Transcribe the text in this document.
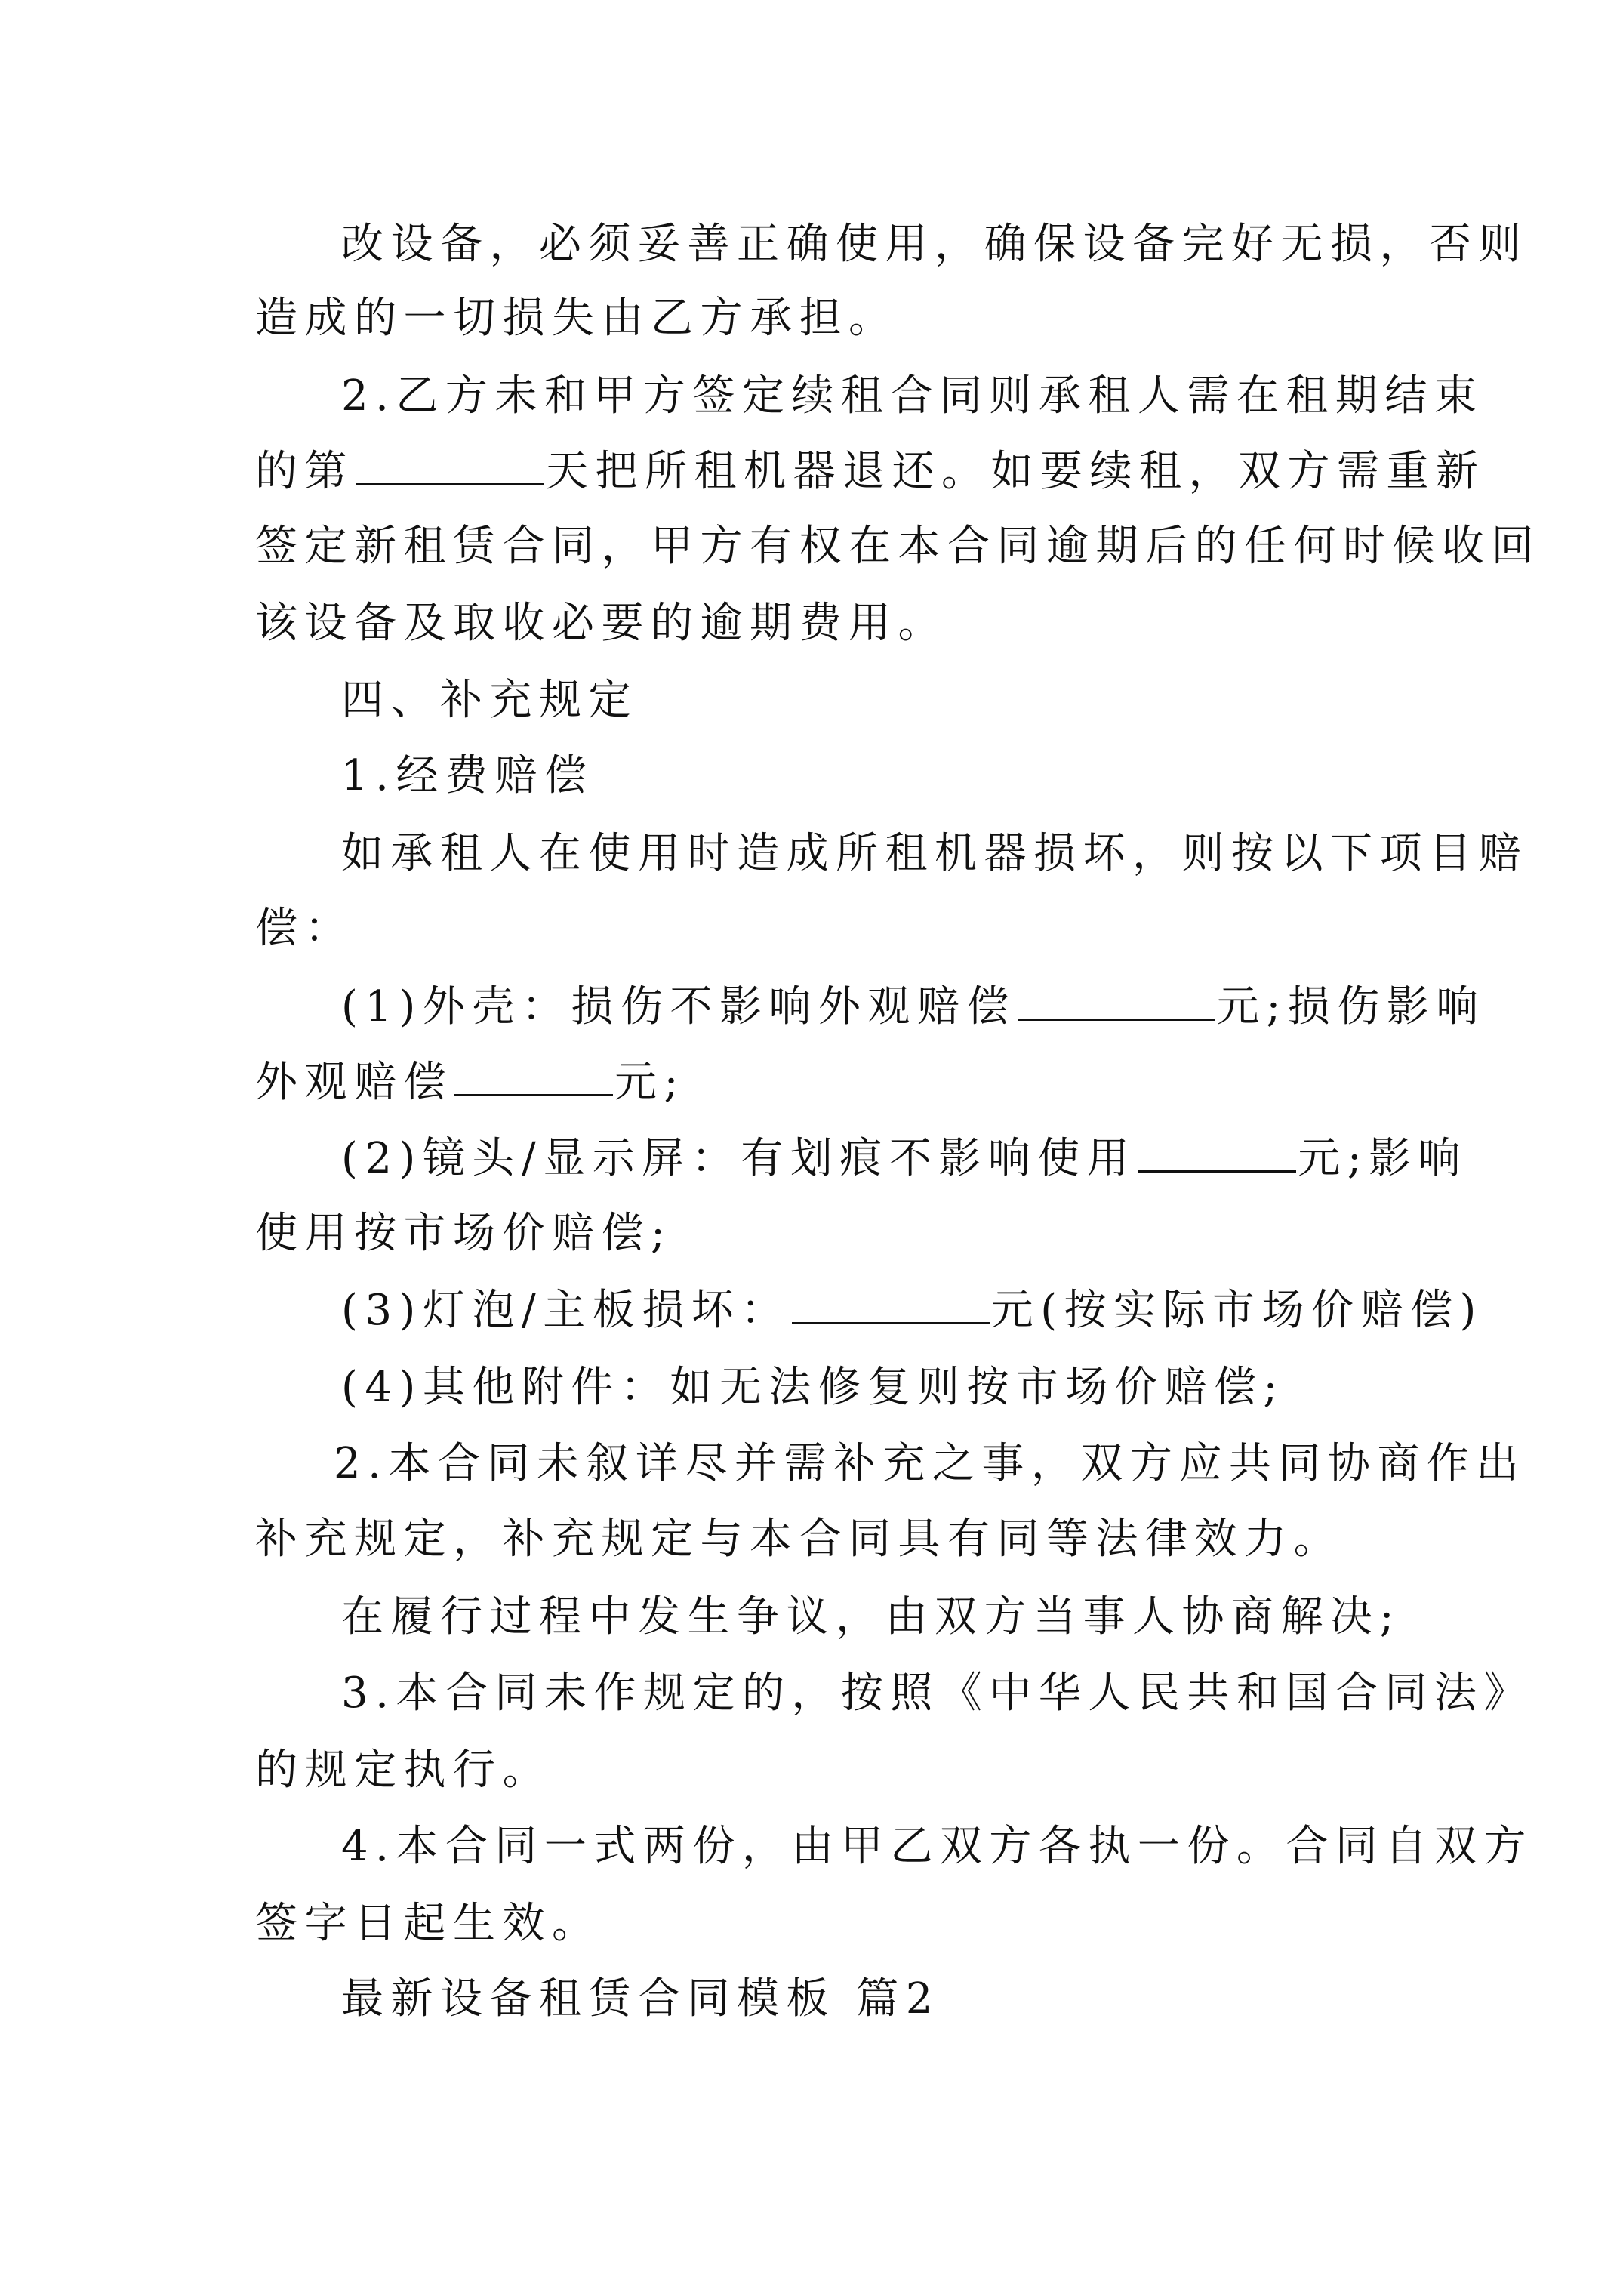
改设备，必须妥善正确使用，确保设备完好无损，否则
造成的一切损失由乙方承担。
2.乙方未和甲方签定续租合同则承租人需在租期结束
的第	天把所租机器退还。如要续租，双方需重新
签定新租赁合同，甲方有权在本合同逾期后的任何时候收回
该设备及取收必要的逾期费用。
四、补充规定
1.经费赔偿
如承租人在使用时造成所租机器损坏，则按以下项目赔
偿：
(1)外壳：损伤不影响外观赔偿	元;损伤影响
外观赔偿	元;
(2)镜头/显示屏：有划痕不影响使用	元;影响
使用按市场价赔偿;
(3)灯泡/主板损坏：	元(按实际市场价赔偿)
(4)其他附件：如无法修复则按市场价赔偿;
2.本合同未叙详尽并需补充之事，双方应共同协商作出
补充规定，补充规定与本合同具有同等法律效力。
在履行过程中发生争议，由双方当事人协商解决;
3.本合同未作规定的，按照《中华人民共和国合同法》
的规定执行。
4.本合同一式两份，由甲乙双方各执一份。合同自双方
签字日起生效。
最新设备租赁合同模板 篇2
